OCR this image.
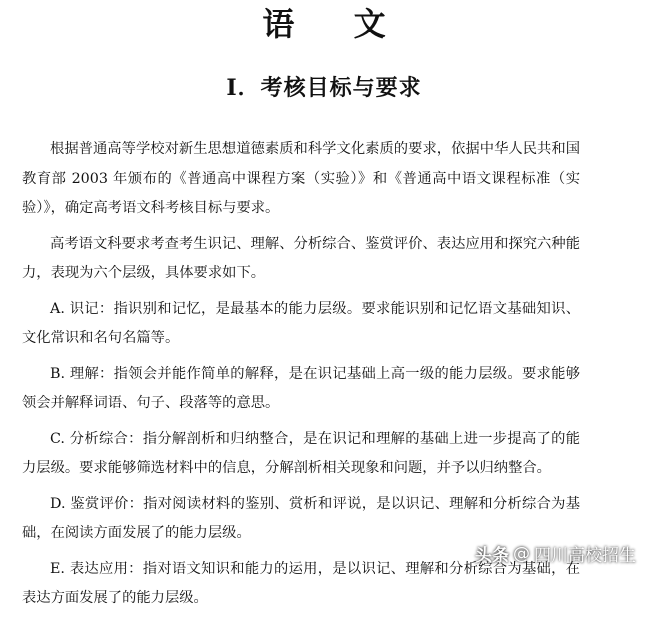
语 文
I．考核目标与要求

根据普通高等学校对新生思想道德素质和科学文化素质的要求，依据中华人民共和国教育部 2003 年颁布的《普通高中课程方案（实验）》和《普通高中语文课程标准（实验）》，确定高考语文科考核目标与要求。

高考语文科要求考查考生识记、理解、分析综合、鉴赏评价、表达应用和探究六种能力，表现为六个层级，具体要求如下。

A. 识记：指识别和记忆，是最基本的能力层级。要求能识别和记忆语文基础知识、文化常识和名句名篇等。

B. 理解：指领会并能作简单的解释，是在识记基础上高一级的能力层级。要求能够领会并解释词语、句子、段落等的意思。

C. 分析综合：指分解剖析和归纳整合，是在识记和理解的基础上进一步提高了的能力层级。要求能够筛选材料中的信息，分解剖析相关现象和问题，并予以归纳整合。

D. 鉴赏评价：指对阅读材料的鉴别、赏析和评说，是以识记、理解和分析综合为基础，在阅读方面发展了的能力层级。

E. 表达应用：指对语文知识和能力的运用，是以识记、理解和分析综合为基础，在表达方面发展了的能力层级。

头条 @ 四川高校招生
